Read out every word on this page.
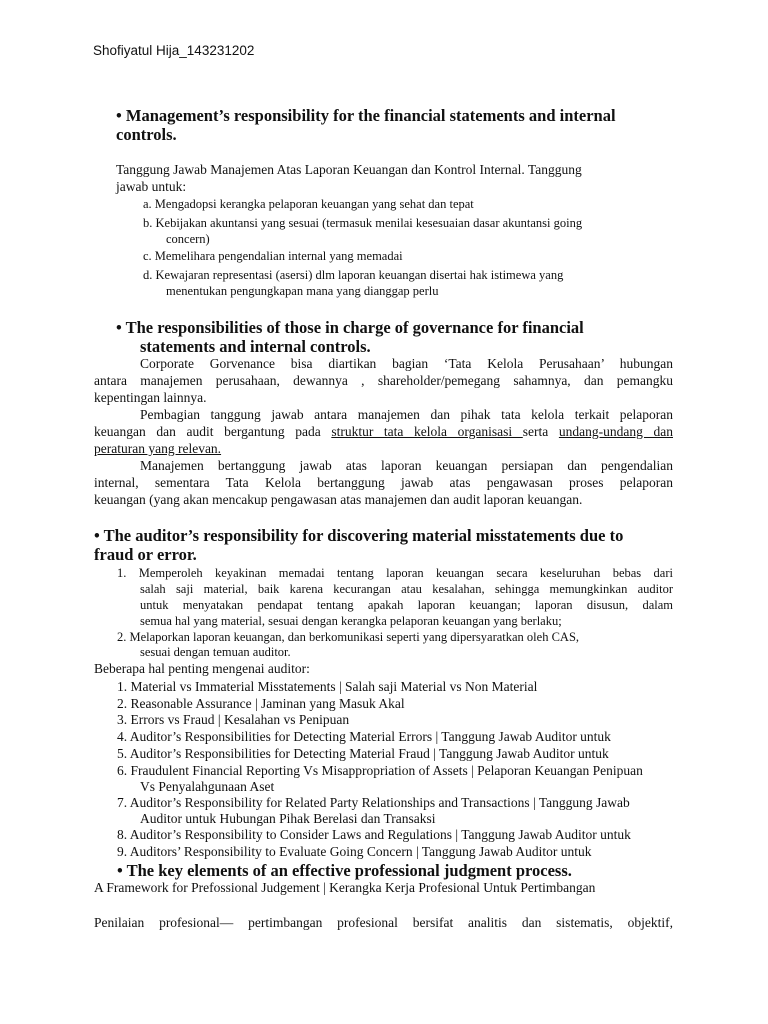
Shofiyatul Hija_143231202
• Management’s responsibility for the financial statements and internal
controls.
Tanggung Jawab Manajemen Atas Laporan Keuangan dan Kontrol Internal. Tanggung
jawab untuk:
a. Mengadopsi kerangka pelaporan keuangan yang sehat dan tepat
b. Kebijakan akuntansi yang sesuai (termasuk menilai kesesuaian dasar akuntansi going
concern)
c. Memelihara pengendalian internal yang memadai
d. Kewajaran representasi (asersi) dlm laporan keuangan disertai hak istimewa yang
menentukan pengungkapan mana yang dianggap perlu
• The responsibilities of those in charge of governance for financial
statements and internal controls.
Corporate Gorvenance bisa diartikan bagian ‘Tata Kelola Perusahaan’ hubungan
antara manajemen perusahaan, dewannya , shareholder/pemegang sahamnya, dan pemangku
kepentingan lainnya.
Pembagian tanggung jawab antara manajemen dan pihak tata kelola terkait pelaporan
keuangan dan audit bergantung pada struktur tata kelola organisasi serta undang-undang dan
peraturan yang relevan.
Manajemen bertanggung jawab atas laporan keuangan persiapan dan pengendalian
internal, sementara Tata Kelola bertanggung jawab atas pengawasan proses pelaporan
keuangan (yang akan mencakup pengawasan atas manajemen dan audit laporan keuangan.
• The auditor’s responsibility for discovering material misstatements due to
fraud or error.
1. Memperoleh keyakinan memadai tentang laporan keuangan secara keseluruhan bebas dari
salah saji material, baik karena kecurangan atau kesalahan, sehingga memungkinkan auditor
untuk menyatakan pendapat tentang apakah laporan keuangan; laporan disusun, dalam
semua hal yang material, sesuai dengan kerangka pelaporan keuangan yang berlaku;
2. Melaporkan laporan keuangan, dan berkomunikasi seperti yang dipersyaratkan oleh CAS,
sesuai dengan temuan auditor.
Beberapa hal penting mengenai auditor:
1. Material vs Immaterial Misstatements | Salah saji Material vs Non Material
2. Reasonable Assurance | Jaminan yang Masuk Akal
3. Errors vs Fraud | Kesalahan vs Penipuan
4. Auditor’s Responsibilities for Detecting Material Errors | Tanggung Jawab Auditor untuk
5. Auditor’s Responsibilities for Detecting Material Fraud | Tanggung Jawab Auditor untuk
6. Fraudulent Financial Reporting Vs Misappropriation of Assets | Pelaporan Keuangan Penipuan
Vs Penyalahgunaan Aset
7. Auditor’s Responsibility for Related Party Relationships and Transactions | Tanggung Jawab
Auditor untuk Hubungan Pihak Berelasi dan Transaksi
8. Auditor’s Responsibility to Consider Laws and Regulations | Tanggung Jawab Auditor untuk
9. Auditors’ Responsibility to Evaluate Going Concern | Tanggung Jawab Auditor untuk
• The key elements of an effective professional judgment process.
A Framework for Prefossional Judgement | Kerangka Kerja Profesional Untuk Pertimbangan
Penilaian profesional— pertimbangan profesional bersifat analitis dan sistematis, objektif,
